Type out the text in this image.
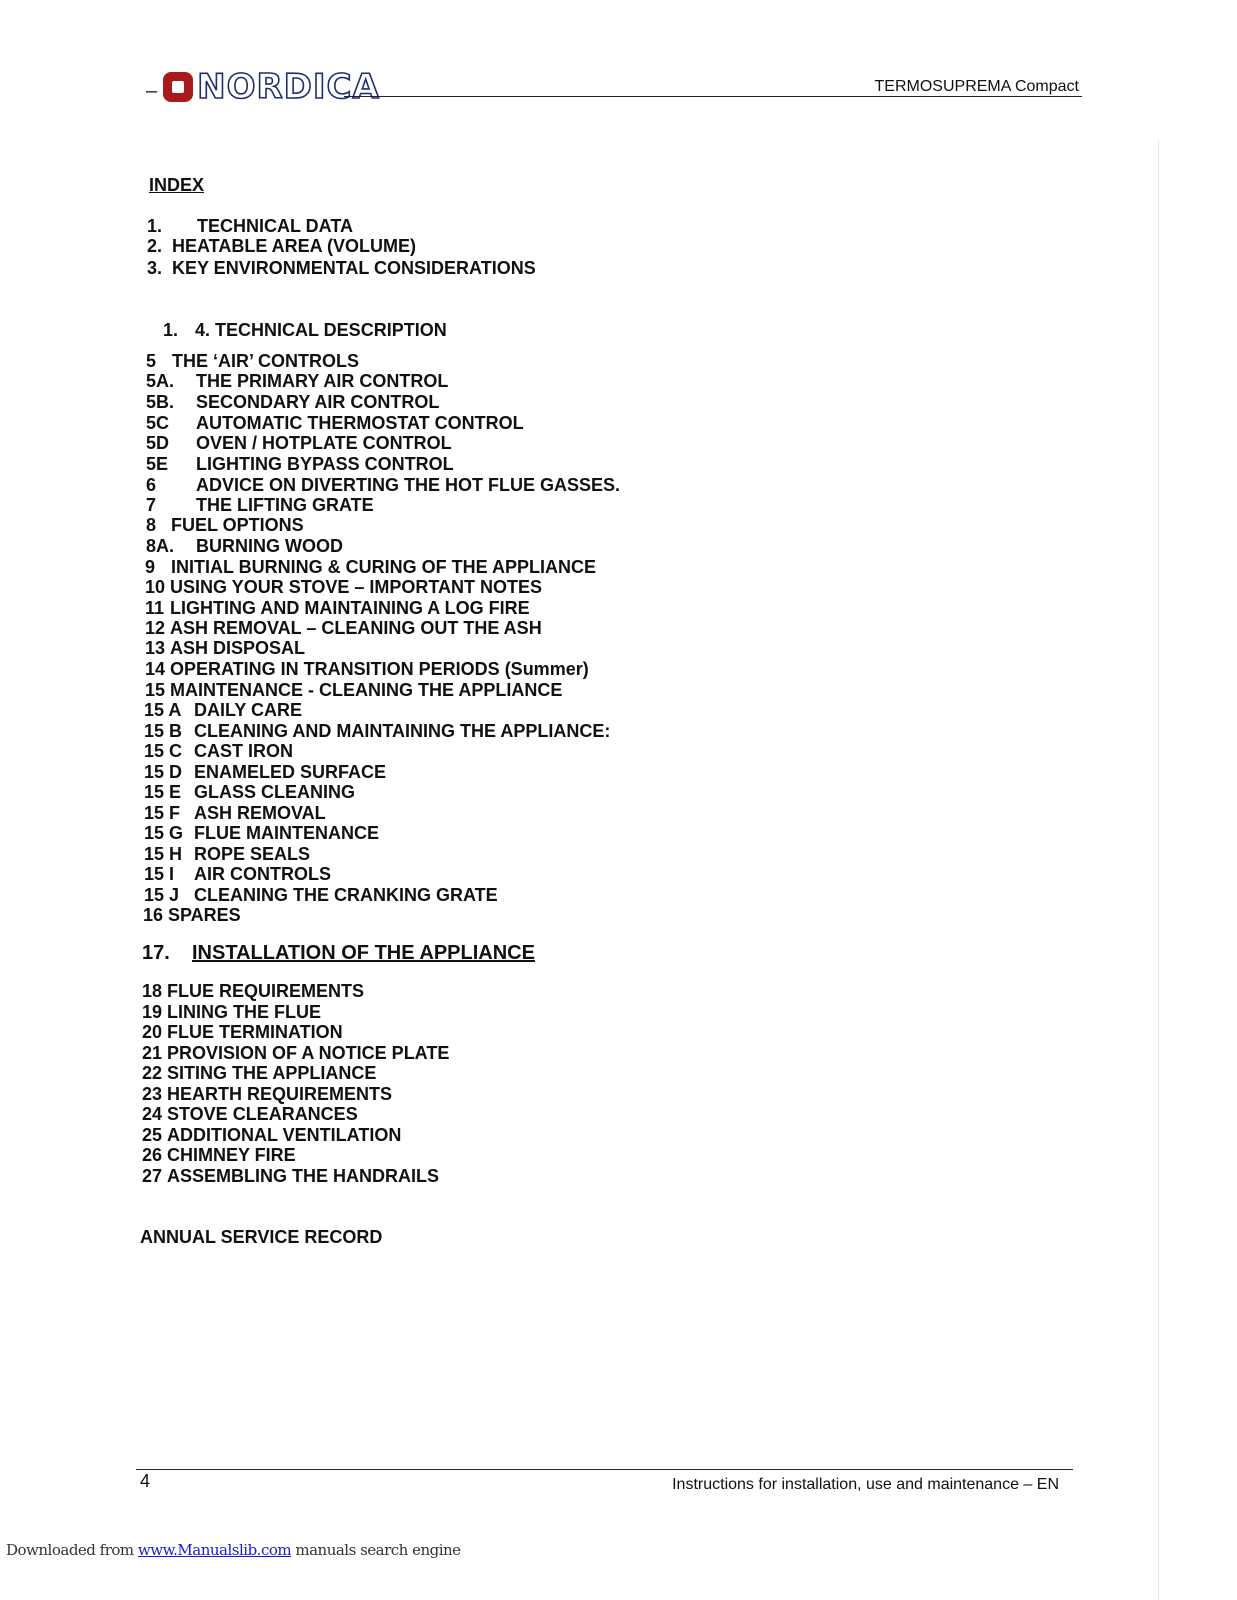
– NORDICA	TERMOSUPREMA Compact
INDEX
1. TECHNICAL DATA
2. HEATABLE AREA (VOLUME)
3. KEY ENVIRONMENTAL CONSIDERATIONS
1. 4. TECHNICAL DESCRIPTION
5 THE ‘AIR’ CONTROLS
5A. THE PRIMARY AIR CONTROL
5B. SECONDARY AIR CONTROL
5C AUTOMATIC THERMOSTAT CONTROL
5D OVEN / HOTPLATE CONTROL
5E LIGHTING BYPASS CONTROL
6 ADVICE ON DIVERTING THE HOT FLUE GASSES.
7 THE LIFTING GRATE
8 FUEL OPTIONS
8A. BURNING WOOD
9 INITIAL BURNING & CURING OF THE APPLIANCE
10 USING YOUR STOVE – IMPORTANT NOTES
11 LIGHTING AND MAINTAINING A LOG FIRE
12 ASH REMOVAL – CLEANING OUT THE ASH
13 ASH DISPOSAL
14 OPERATING IN TRANSITION PERIODS (Summer)
15 MAINTENANCE - CLEANING THE APPLIANCE
15 A DAILY CARE
15 B CLEANING AND MAINTAINING THE APPLIANCE:
15 C CAST IRON
15 D ENAMELED SURFACE
15 E GLASS CLEANING
15 F ASH REMOVAL
15 G FLUE MAINTENANCE
15 H ROPE SEALS
15 I AIR CONTROLS
15 J CLEANING THE CRANKING GRATE
16 SPARES
17. INSTALLATION OF THE APPLIANCE
18 FLUE REQUIREMENTS
19 LINING THE FLUE
20 FLUE TERMINATION
21 PROVISION OF A NOTICE PLATE
22 SITING THE APPLIANCE
23 HEARTH REQUIREMENTS
24 STOVE CLEARANCES
25 ADDITIONAL VENTILATION
26 CHIMNEY FIRE
27 ASSEMBLING THE HANDRAILS
ANNUAL SERVICE RECORD
4	Instructions for installation, use and maintenance – EN
Downloaded from www.Manualslib.com manuals search engine
